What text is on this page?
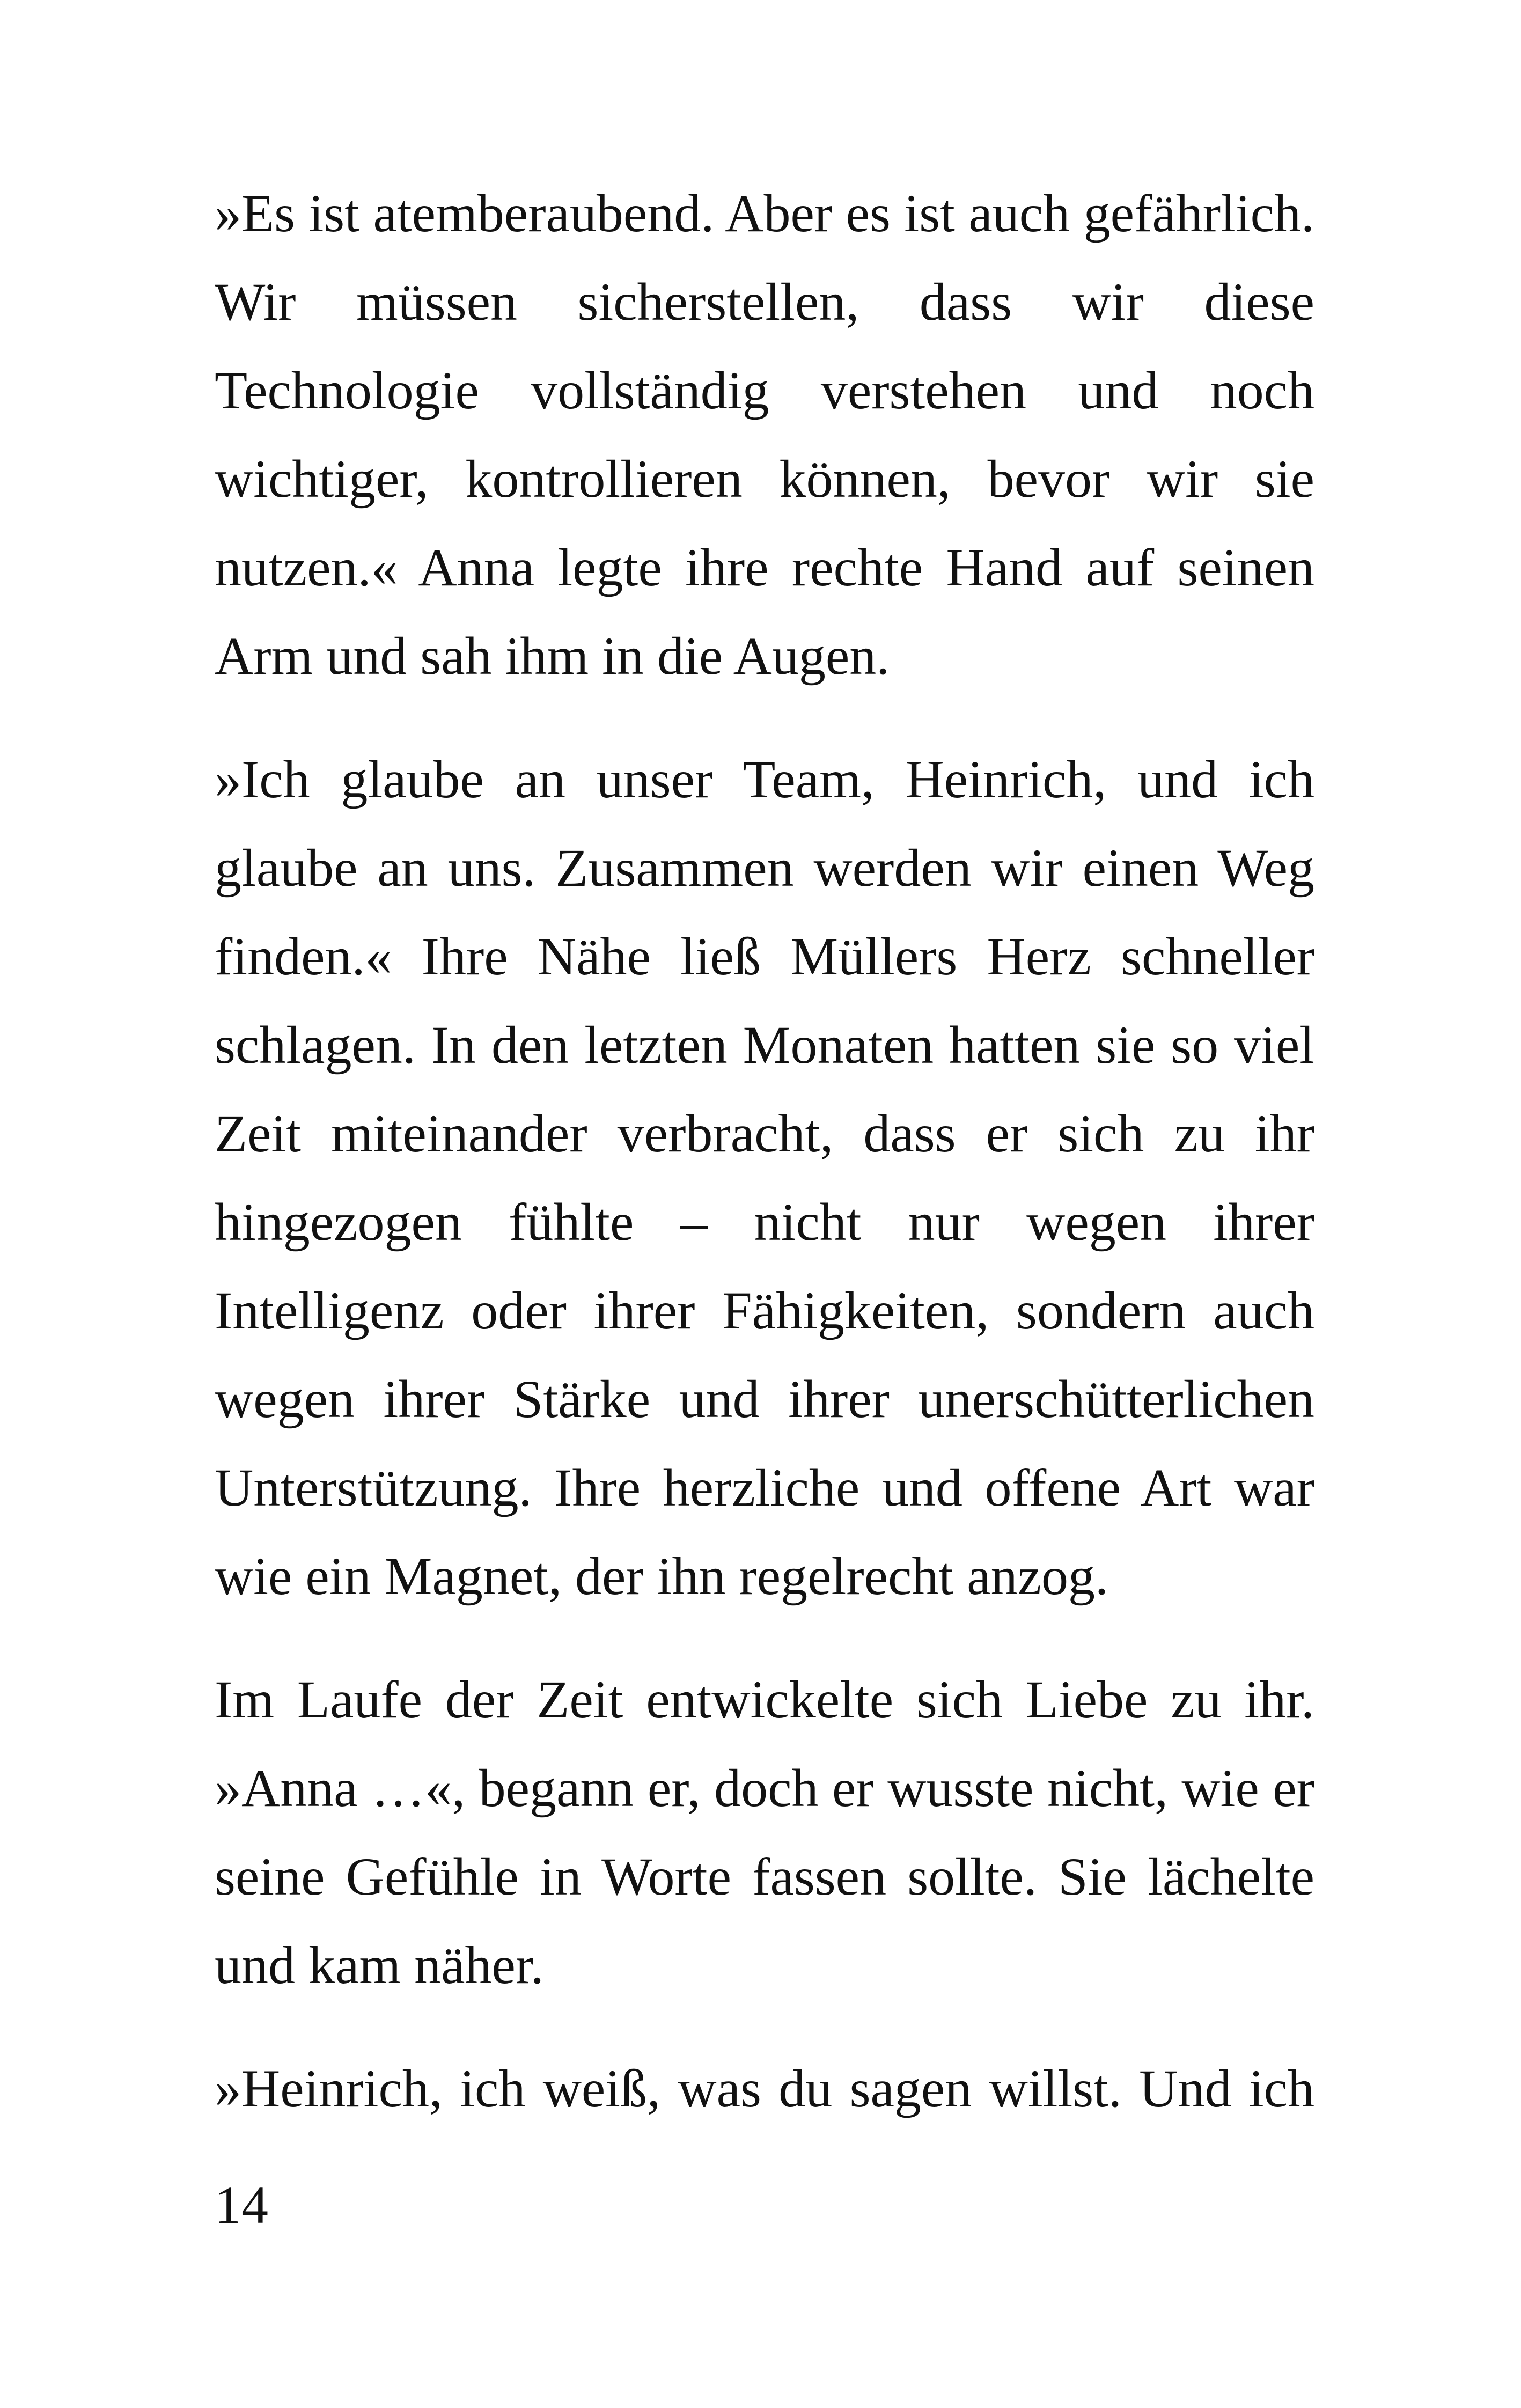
»Es ist atemberaubend. Aber es ist auch gefährlich. Wir müssen sicherstellen, dass wir diese Technologie vollständig verstehen und noch wichtiger, kontrollieren können, bevor wir sie nutzen.« Anna legte ihre rechte Hand auf seinen Arm und sah ihm in die Augen.

»Ich glaube an unser Team, Heinrich, und ich glaube an uns. Zusammen werden wir einen Weg finden.« Ihre Nähe ließ Müllers Herz schneller schlagen. In den letzten Monaten hatten sie so viel Zeit miteinander verbracht, dass er sich zu ihr hingezogen fühlte – nicht nur wegen ihrer Intelligenz oder ihrer Fähigkeiten, sondern auch wegen ihrer Stärke und ihrer unerschütterlichen Unterstützung. Ihre herzliche und offene Art war wie ein Magnet, der ihn regelrecht anzog.

Im Laufe der Zeit entwickelte sich Liebe zu ihr. »Anna …«, begann er, doch er wusste nicht, wie er seine Gefühle in Worte fassen sollte. Sie lächelte und kam näher.

»Heinrich, ich weiß, was du sagen willst. Und ich

14
